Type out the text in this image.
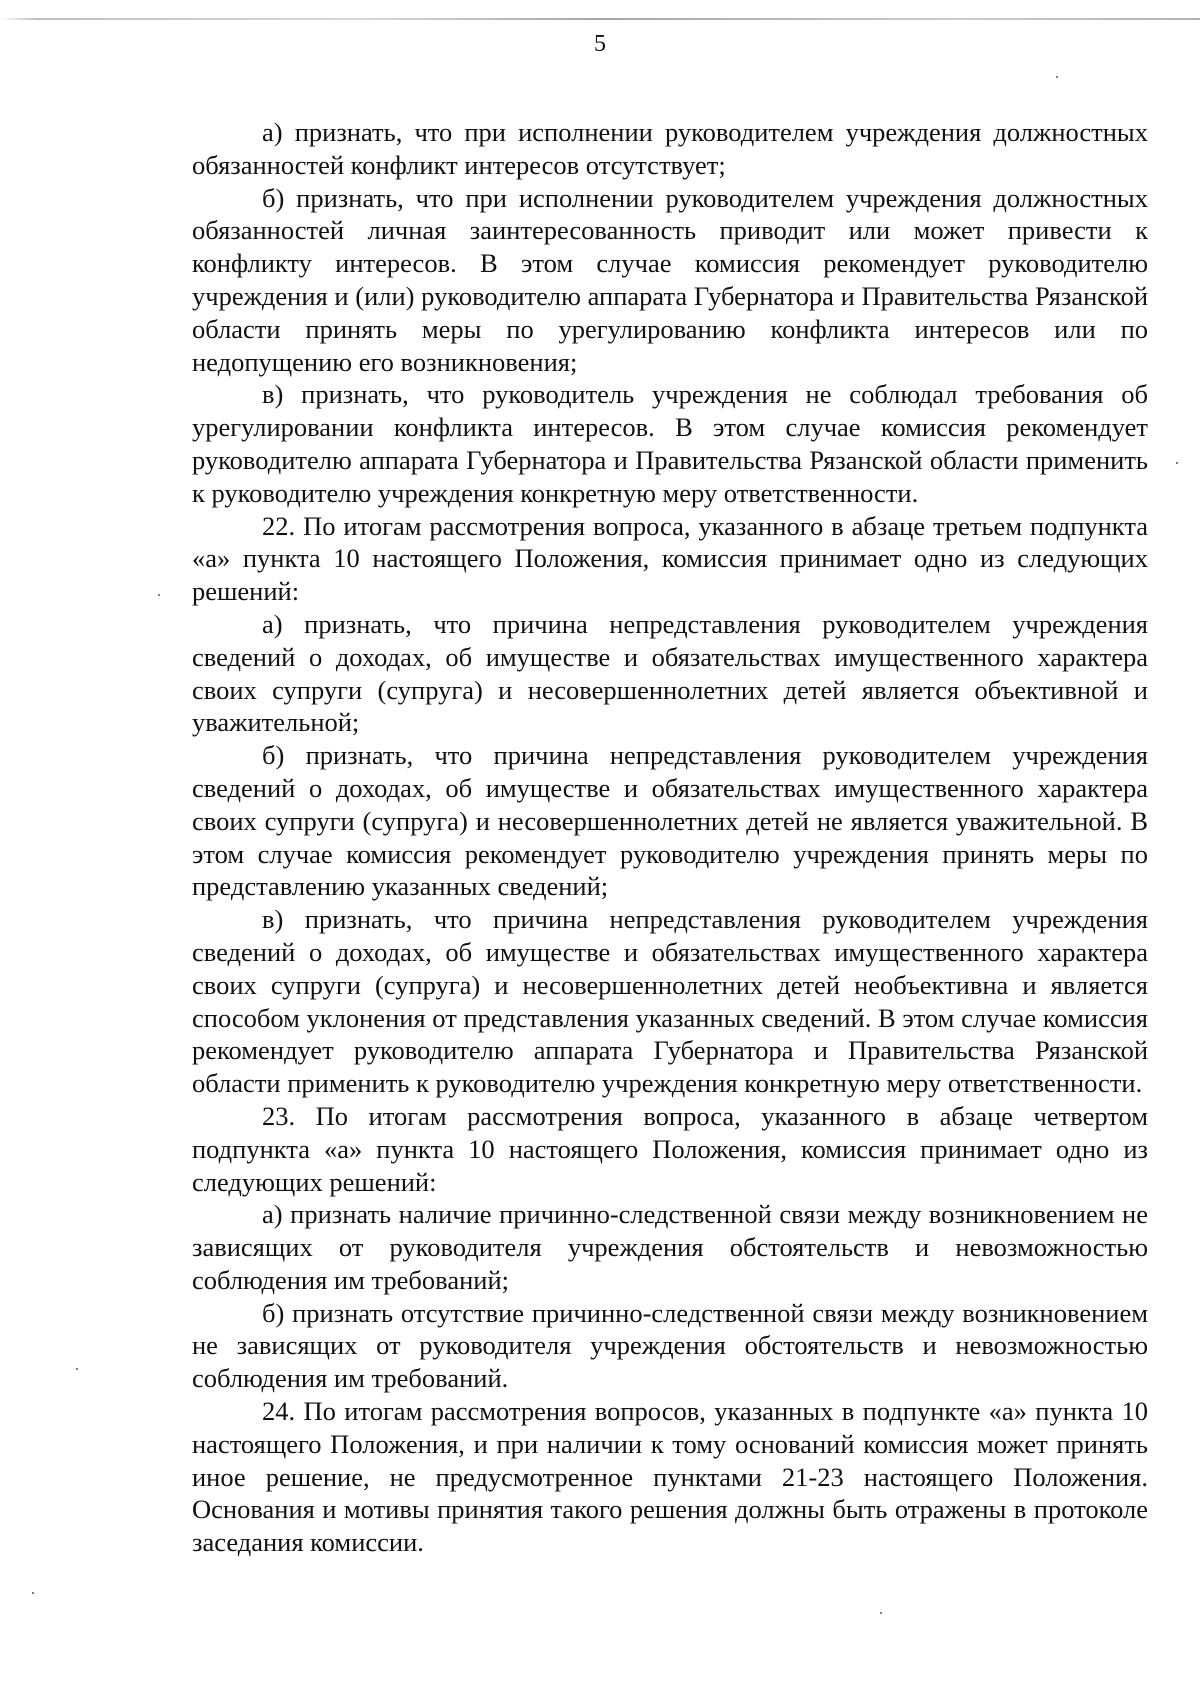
5

а) признать, что при исполнении руководителем учреждения должностных обязанностей конфликт интересов отсутствует;

б) признать, что при исполнении руководителем учреждения должностных обязанностей личная заинтересованность приводит или может привести к конфликту интересов. В этом случае комиссия рекомендует руководителю учреждения и (или) руководителю аппарата Губернатора и Правительства Рязанской области принять меры по урегулированию конфликта интересов или по недопущению его возникновения;

в) признать, что руководитель учреждения не соблюдал требования об урегулировании конфликта интересов. В этом случае комиссия рекомендует руководителю аппарата Губернатора и Правительства Рязанской области применить к руководителю учреждения конкретную меру ответственности.

22. По итогам рассмотрения вопроса, указанного в абзаце третьем подпункта «а» пункта 10 настоящего Положения, комиссия принимает одно из следующих решений:

а) признать, что причина непредставления руководителем учреждения сведений о доходах, об имуществе и обязательствах имущественного характера своих супруги (супруга) и несовершеннолетних детей является объективной и уважительной;

б) признать, что причина непредставления руководителем учреждения сведений о доходах, об имуществе и обязательствах имущественного характера своих супруги (супруга) и несовершеннолетних детей не является уважительной. В этом случае комиссия рекомендует руководителю учреждения принять меры по представлению указанных сведений;

в) признать, что причина непредставления руководителем учреждения сведений о доходах, об имуществе и обязательствах имущественного характера своих супруги (супруга) и несовершеннолетних детей необъективна и является способом уклонения от представления указанных сведений. В этом случае комиссия рекомендует руководителю аппарата Губернатора и Правительства Рязанской области применить к руководителю учреждения конкретную меру ответственности.

23. По итогам рассмотрения вопроса, указанного в абзаце четвертом подпункта «а» пункта 10 настоящего Положения, комиссия принимает одно из следующих решений:

а) признать наличие причинно-следственной связи между возникновением не зависящих от руководителя учреждения обстоятельств и невозможностью соблюдения им требований;

б) признать отсутствие причинно-следственной связи между возникновением не зависящих от руководителя учреждения обстоятельств и невозможностью соблюдения им требований.

24. По итогам рассмотрения вопросов, указанных в подпункте «а» пункта 10 настоящего Положения, и при наличии к тому оснований комиссия может принять иное решение, не предусмотренное пунктами 21-23 настоящего Положения. Основания и мотивы принятия такого решения должны быть отражены в протоколе заседания комиссии.
